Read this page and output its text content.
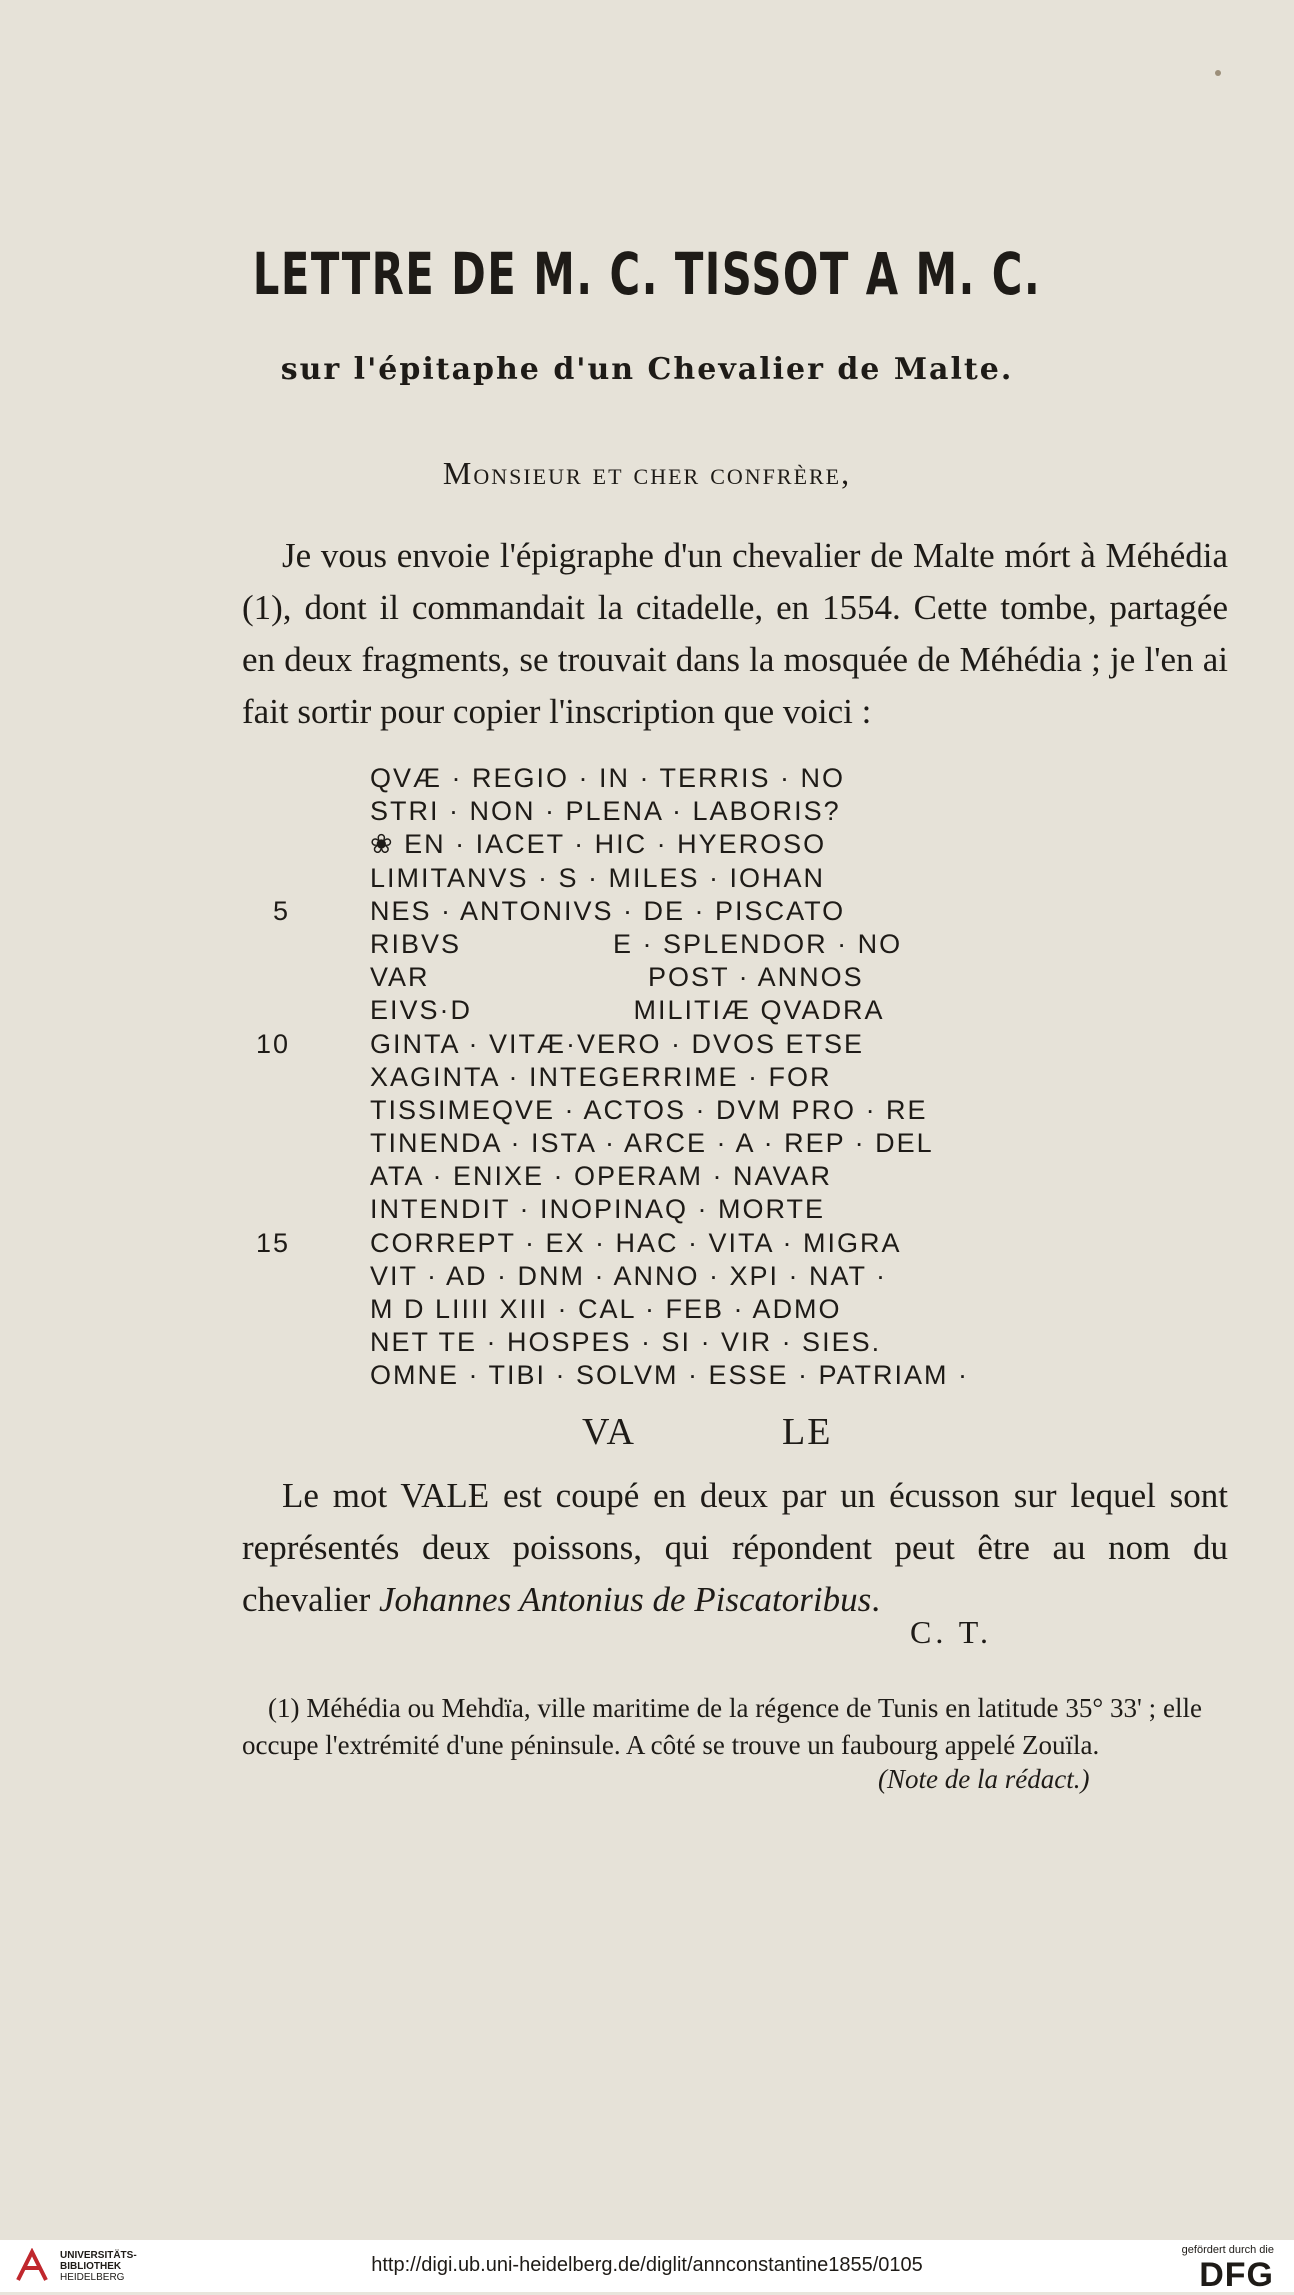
LETTRE DE M. C. TISSOT A M. C.
sur l'épitaphe d'un Chevalier de Malte.
Monsieur et cher confrère,

Je vous envoie l'épigraphe d'un chevalier de Malte mórt à Méhédia (1), dont il commandait la citadelle, en 1554. Cette tombe, partagée en deux fragments, se trouvait dans la mosquée de Méhédia ; je l'en ai fait sortir pour copier l'inscription que voici :

QVÆ · REGIO · IN · TERRIS · NO
STRI · NON · PLENA · LABORIS?
❀ EN · IACET · HIC · HYEROSO
LIMITANVS · S · MILES · IOHAN
5	NES · ANTONIVS · DE · PISCATO
RIBVS                E · SPLENDOR · NO
VAR                       POST · ANNOS
EIVS·D                 MILITIÆ QVADRA
10	GINTA · VITÆ·VERO · DVOS ETSE
XAGINTA · INTEGERRIME · FOR
TISSIMEQVE · ACTOS · DVM PRO · RE
TINENDA · ISTA · ARCE · A · REP · DEL
ATA · ENIXE · OPERAM · NAVAR
INTENDIT · INOPINAQ · MORTE
15	CORREPT · EX · HAC · VITA · MIGRA
VIT · AD · DNM · ANNO · XPI · NAT ·
M D LIIII XIII · CAL · FEB · ADMO
NET TE · HOSPES · SI · VIR · SIES.
OMNE · TIBI · SOLVM · ESSE · PATRIAM ·
VA	LE

Le mot VALE est coupé en deux par un écusson sur lequel sont représentés deux poissons, qui répondent peut être au nom du chevalier Johannes Antonius de Piscatoribus.

C. T.

(1) Méhédia ou Mehdïa, ville maritime de la régence de Tunis en latitude 35° 33' ; elle occupe l'extrémité d'une péninsule. A côté se trouve un faubourg appelé Zouïla.

(Note de la rédact.)
UNIVERSITÄTS-
BIBLIOTHEK
HEIDELBERG
http://digi.ub.uni-heidelberg.de/diglit/annconstantine1855/0105
gefördert durch die
DFG
